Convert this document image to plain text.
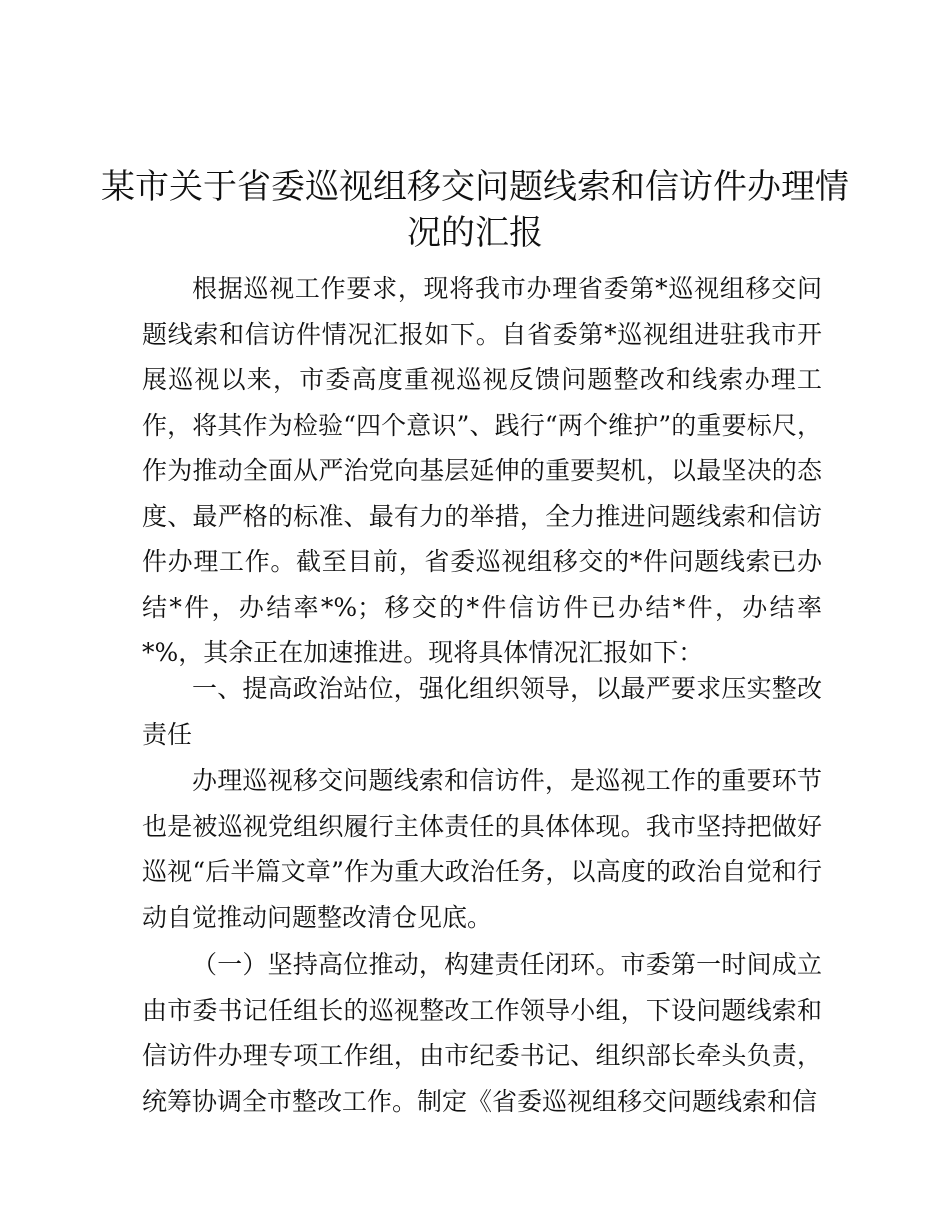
某市关于省委巡视组移交问题线索和信访件办理情况的汇报

根据巡视工作要求，现将我市办理省委第*巡视组移交问题线索和信访件情况汇报如下。自省委第*巡视组进驻我市开展巡视以来，市委高度重视巡视反馈问题整改和线索办理工作，将其作为检验“四个意识”、践行“两个维护”的重要标尺，作为推动全面从严治党向基层延伸的重要契机，以最坚决的态度、最严格的标准、最有力的举措，全力推进问题线索和信访件办理工作。截至目前，省委巡视组移交的*件问题线索已办结*件，办结率*%；移交的*件信访件已办结*件，办结率*%，其余正在加速推进。现将具体情况汇报如下：

一、提高政治站位，强化组织领导，以最严要求压实整改责任

办理巡视移交问题线索和信访件，是巡视工作的重要环节也是被巡视党组织履行主体责任的具体体现。我市坚持把做好巡视“后半篇文章”作为重大政治任务，以高度的政治自觉和行动自觉推动问题整改清仓见底。

（一）坚持高位推动，构建责任闭环。市委第一时间成立由市委书记任组长的巡视整改工作领导小组，下设问题线索和信访件办理专项工作组，由市纪委书记、组织部长牵头负责，统筹协调全市整改工作。制定《省委巡视组移交问题线索和信
